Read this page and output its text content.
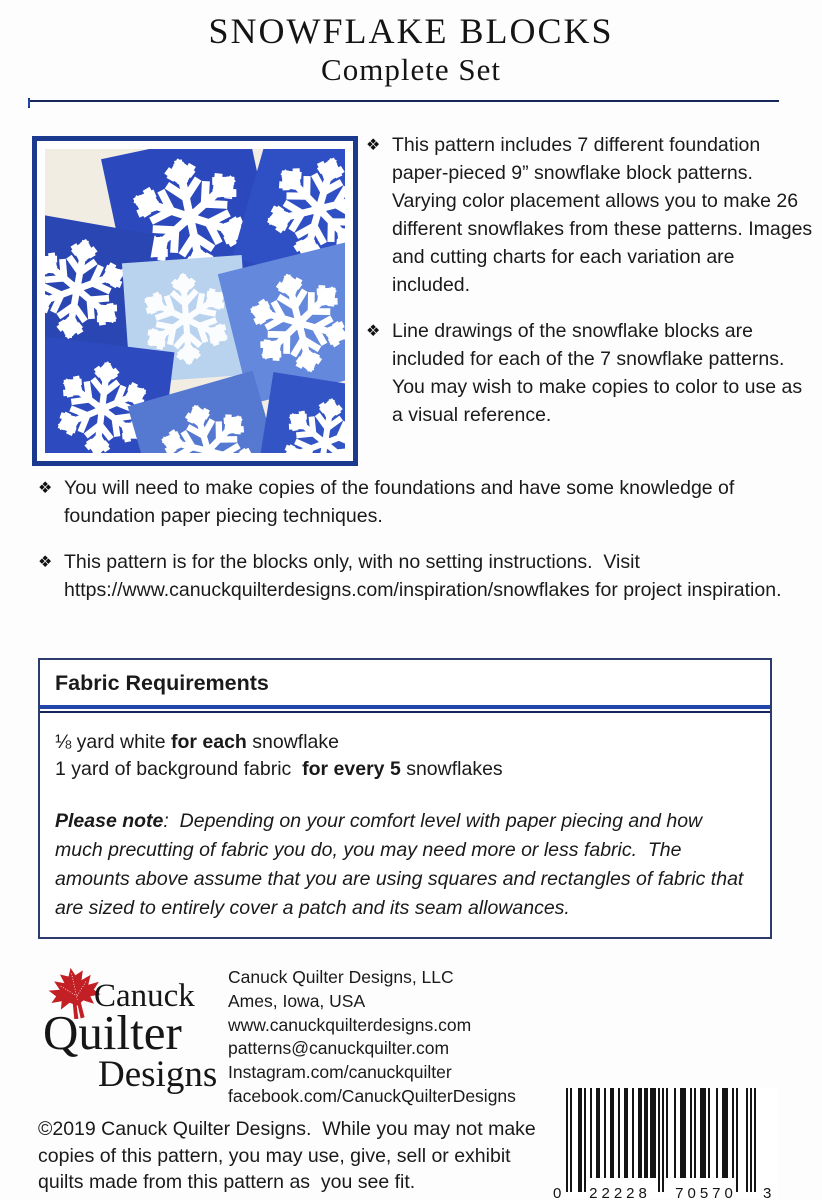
SNOWFLAKE BLOCKS
Complete Set
❖ This pattern includes 7 different foundation paper-pieced 9” snowflake block patterns. Varying color placement allows you to make 26 different snowflakes from these patterns. Images and cutting charts for each variation are included.

❖ Line drawings of the snowflake blocks are included for each of the 7 snowflake patterns.  You may wish to make copies to color to use as a visual reference.

❖ You will need to make copies of the foundations and have some knowledge of foundation paper piecing techniques.

❖ This pattern is for the blocks only, with no setting instructions.  Visit https://www.canuckquilterdesigns.com/inspiration/snowflakes for project inspiration.

Fabric Requirements
⅛ yard white for each snowflake
1 yard of background fabric  for every 5 snowflakes
Please note:  Depending on your comfort level with paper piecing and how much precutting of fabric you do, you may need more or less fabric.  The amounts above assume that you are using squares and rectangles of fabric that are sized to entirely cover a patch and its seam allowances.
Canuck
Quilter
Designs
Canuck Quilter Designs, LLC
Ames, Iowa, USA
www.canuckquilterdesigns.com
patterns@canuckquilter.com
Instagram.com/canuckquilter
facebook.com/CanuckQuilterDesigns
©2019 Canuck Quilter Designs.  While you may not make copies of this pattern, you may use, give, sell or exhibit  quilts made from this pattern as  you see fit.
0	22228	70570	3
